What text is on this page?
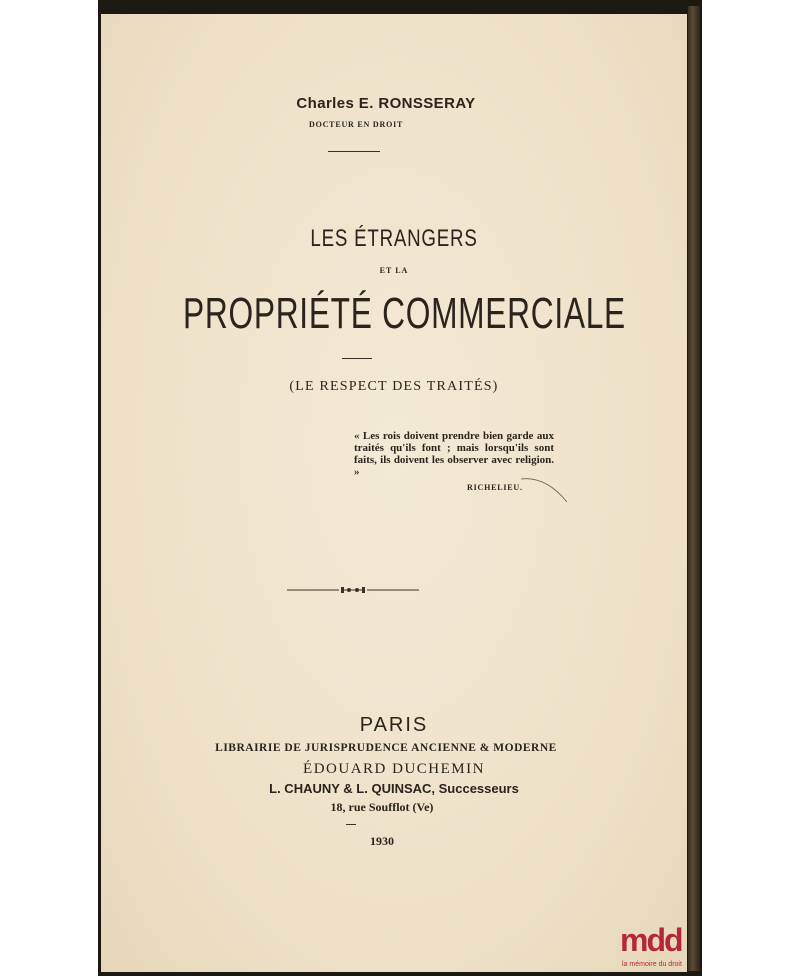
Charles E. RONSSERAY
DOCTEUR EN DROIT
LES ÉTRANGERS
ET LA
PROPRIÉTÉ COMMERCIALE
(LE RESPECT DES TRAITÉS)
« Les rois doivent prendre bien garde aux traités qu'ils font ; mais lorsqu'ils sont faits, ils doivent les observer avec religion. »
RICHELIEU.
PARIS
LIBRAIRIE DE JURISPRUDENCE ANCIENNE & MODERNE
ÉDOUARD DUCHEMIN
L. CHAUNY & L. QUINSAC, Successeurs
18, rue Soufflot (Ve)
1930
mdd
la mémoire du droit
